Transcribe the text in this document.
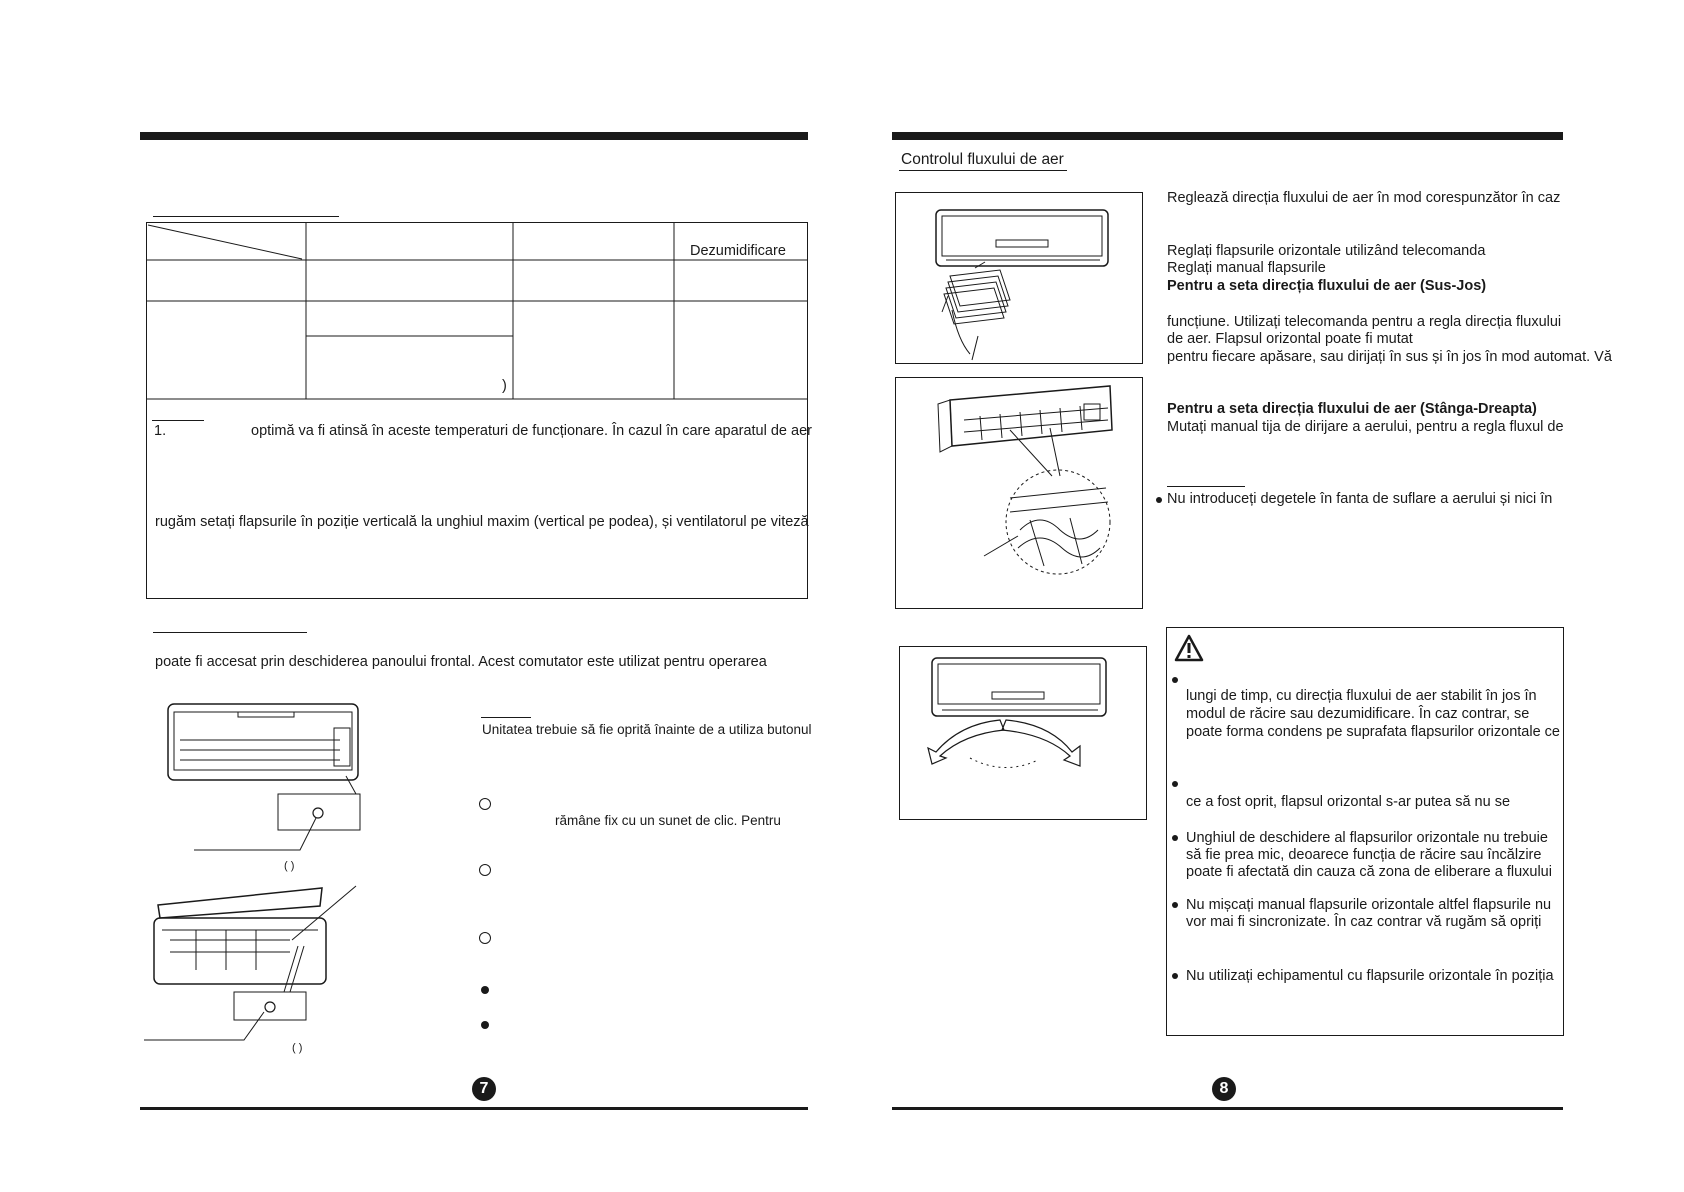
Dezumidificare
)
1.	optimă va fi atinsă în aceste temperaturi de funcționare. În cazul în care aparatul de aer
rugăm setați flapsurile în poziție verticală la unghiul maxim (vertical pe podea), și ventilatorul pe viteză
poate fi accesat prin deschiderea panoului frontal. Acest comutator este utilizat pentru operarea
( )
( )
Unitatea trebuie să fie oprită înainte de a utiliza butonul
rămâne fix cu un sunet de clic. Pentru
7
Controlul fluxului de aer
Reglează direcția fluxului de aer în mod corespunzător în caz
Reglați flapsurile orizontale utilizând telecomanda
Reglați manual flapsurile
Pentru a seta direcția fluxului de aer (Sus-Jos)
funcțiune. Utilizați telecomanda pentru a regla direcția fluxului
de aer. Flapsul orizontal poate fi mutat
pentru fiecare apăsare, sau dirijați în sus și în jos în mod automat. Vă
Pentru a seta direcția fluxului de aer (Stânga-Dreapta)
Mutați manual tija de dirijare a aerului, pentru a regla fluxul de
Nu introduceți degetele în fanta de suflare a aerului și nici în
lungi de timp, cu direcția fluxului de aer stabilit în jos în
modul de răcire sau dezumidificare. În caz contrar, se
poate forma condens pe suprafata flapsurilor orizontale ce
ce a fost oprit, flapsul orizontal s-ar putea să nu se
Unghiul de deschidere al flapsurilor orizontale nu trebuie
să fie prea mic, deoarece funcția de răcire sau încălzire
poate fi afectată din cauza că zona de eliberare a fluxului
Nu mișcați manual flapsurile orizontale altfel flapsurile nu
vor mai fi sincronizate. În caz contrar vă rugăm să opriți
Nu utilizați echipamentul cu flapsurile orizontale în poziția
8
